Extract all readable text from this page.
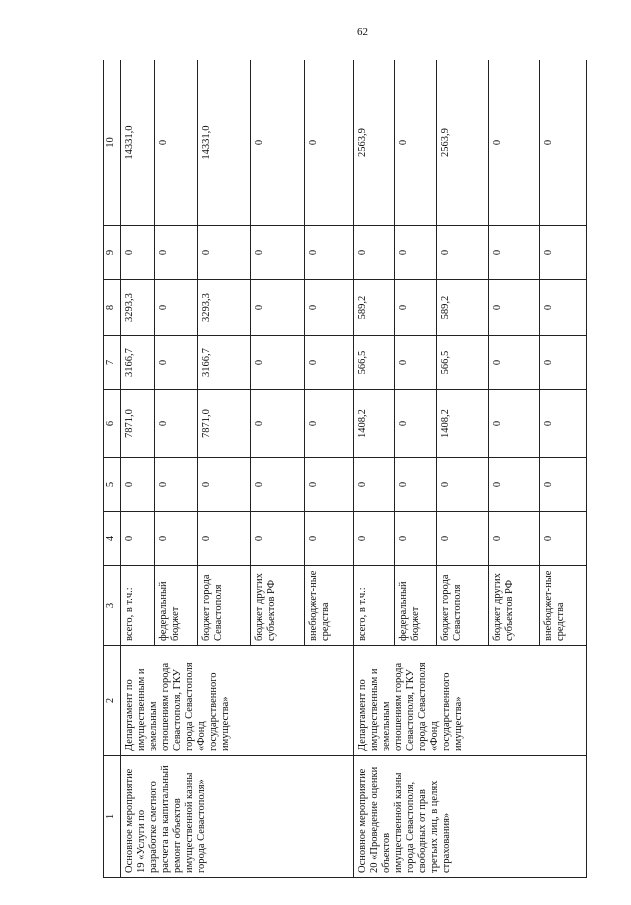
62
1	2	3	4	5	6	7	8	9	10
Основное мероприятие 19 «Услуги по разработке сметного расчета на капитальный ремонт объектов имущественной казны города Севастополя»	Департамент по имущественным и земельным отношениям города Севастополя, ГКУ города Севастополя «Фонд государственного имущества»	всего, в т.ч.:	0	0	7871,0	3166,7	3293,3	0	14331,0
		федеральный бюджет	0	0	0	0	0	0	0
		бюджет города Севастополя	0	0	7871,0	3166,7	3293,3	0	14331,0
		бюджет других субъектов РФ	0	0	0	0	0	0	0
		внебюджет-ные средства	0	0	0	0	0	0	0
Основное мероприятие 20 «Проведение оценки объектов имущественной казны города Севастополя, свободных от прав третьих лиц, в целях страхования»	Департамент по имущественным и земельным отношениям города Севастополя, ГКУ города Севастополя «Фонд государственного имущества»	всего, в т.ч.:	0	0	1408,2	566,5	589,2	0	2563,9
		федеральный бюджет	0	0	0	0	0	0	0
		бюджет города Севастополя	0	0	1408,2	566,5	589,2	0	2563,9
		бюджет других субъектов РФ	0	0	0	0	0	0	0
		внебюджет-ные средства	0	0	0	0	0	0	0
